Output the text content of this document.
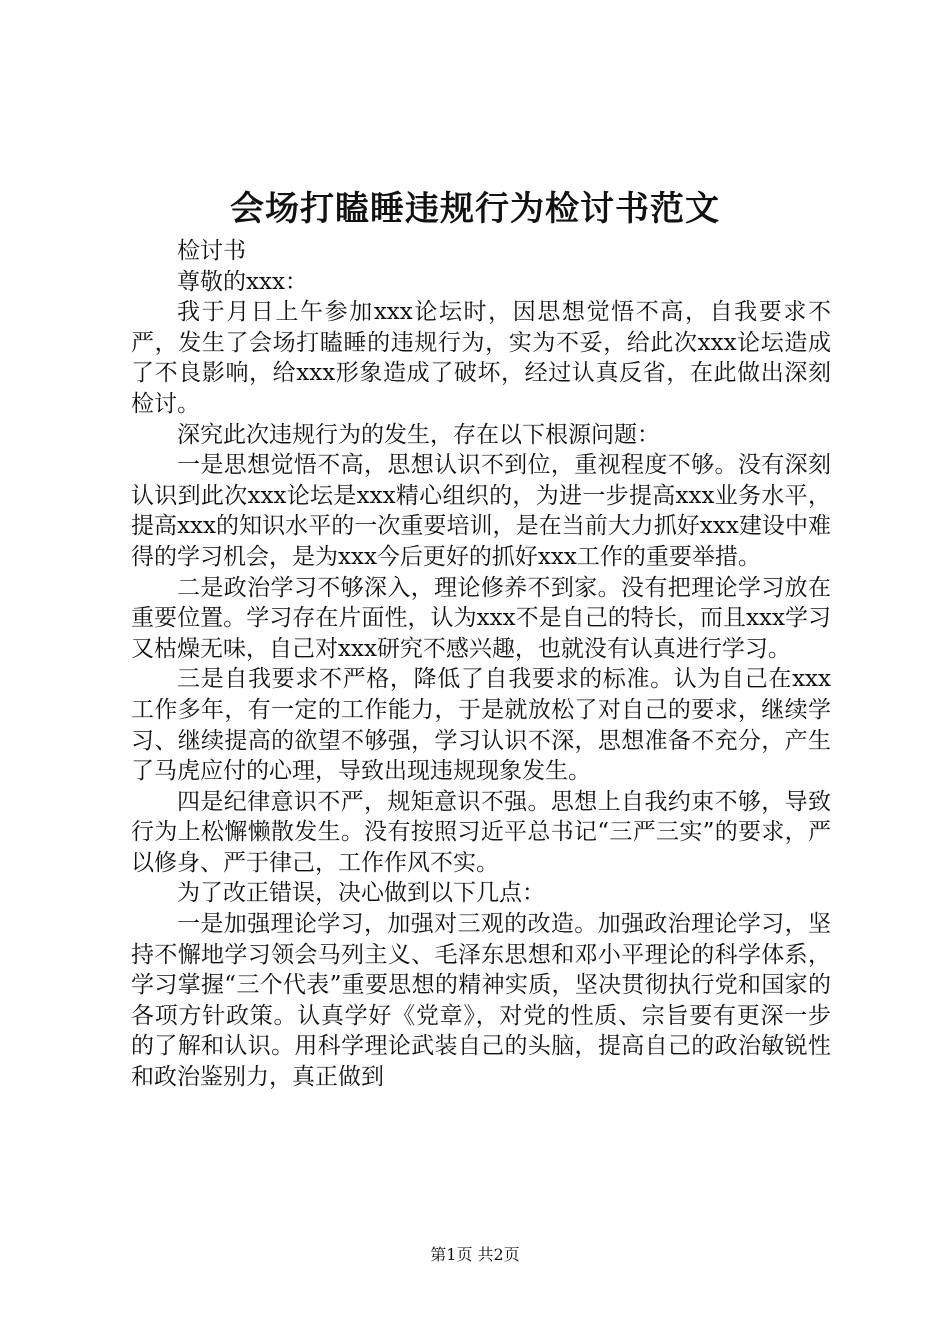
会场打瞌睡违规行为检讨书范文

检讨书

尊敬的xxx：

我于月日上午参加xxx论坛时，因思想觉悟不高，自我要求不严，发生了会场打瞌睡的违规行为，实为不妥，给此次xxx论坛造成了不良影响，给xxx形象造成了破坏，经过认真反省，在此做出深刻检讨。

深究此次违规行为的发生，存在以下根源问题：

一是思想觉悟不高，思想认识不到位，重视程度不够。没有深刻认识到此次xxx论坛是xxx精心组织的，为进一步提高xxx业务水平，提高xxx的知识水平的一次重要培训，是在当前大力抓好xxx建设中难得的学习机会，是为xxx今后更好的抓好xxx工作的重要举措。

二是政治学习不够深入，理论修养不到家。没有把理论学习放在重要位置。学习存在片面性，认为xxx不是自己的特长，而且xxx学习又枯燥无味，自己对xxx研究不感兴趣，也就没有认真进行学习。

三是自我要求不严格，降低了自我要求的标准。认为自己在xxx工作多年，有一定的工作能力，于是就放松了对自己的要求，继续学习、继续提高的欲望不够强，学习认识不深，思想准备不充分，产生了马虎应付的心理，导致出现违规现象发生。

四是纪律意识不严，规矩意识不强。思想上自我约束不够，导致行为上松懈懒散发生。没有按照习近平总书记“三严三实”的要求，严以修身、严于律己，工作作风不实。

为了改正错误，决心做到以下几点：

一是加强理论学习，加强对三观的改造。加强政治理论学习，坚持不懈地学习领会马列主义、毛泽东思想和邓小平理论的科学体系，学习掌握“三个代表”重要思想的精神实质，坚决贯彻执行党和国家的各项方针政策。认真学好《党章》，对党的性质、宗旨要有更深一步的了解和认识。用科学理论武装自己的头脑，提高自己的政治敏锐性和政治鉴别力，真正做到

第1页 共2页
